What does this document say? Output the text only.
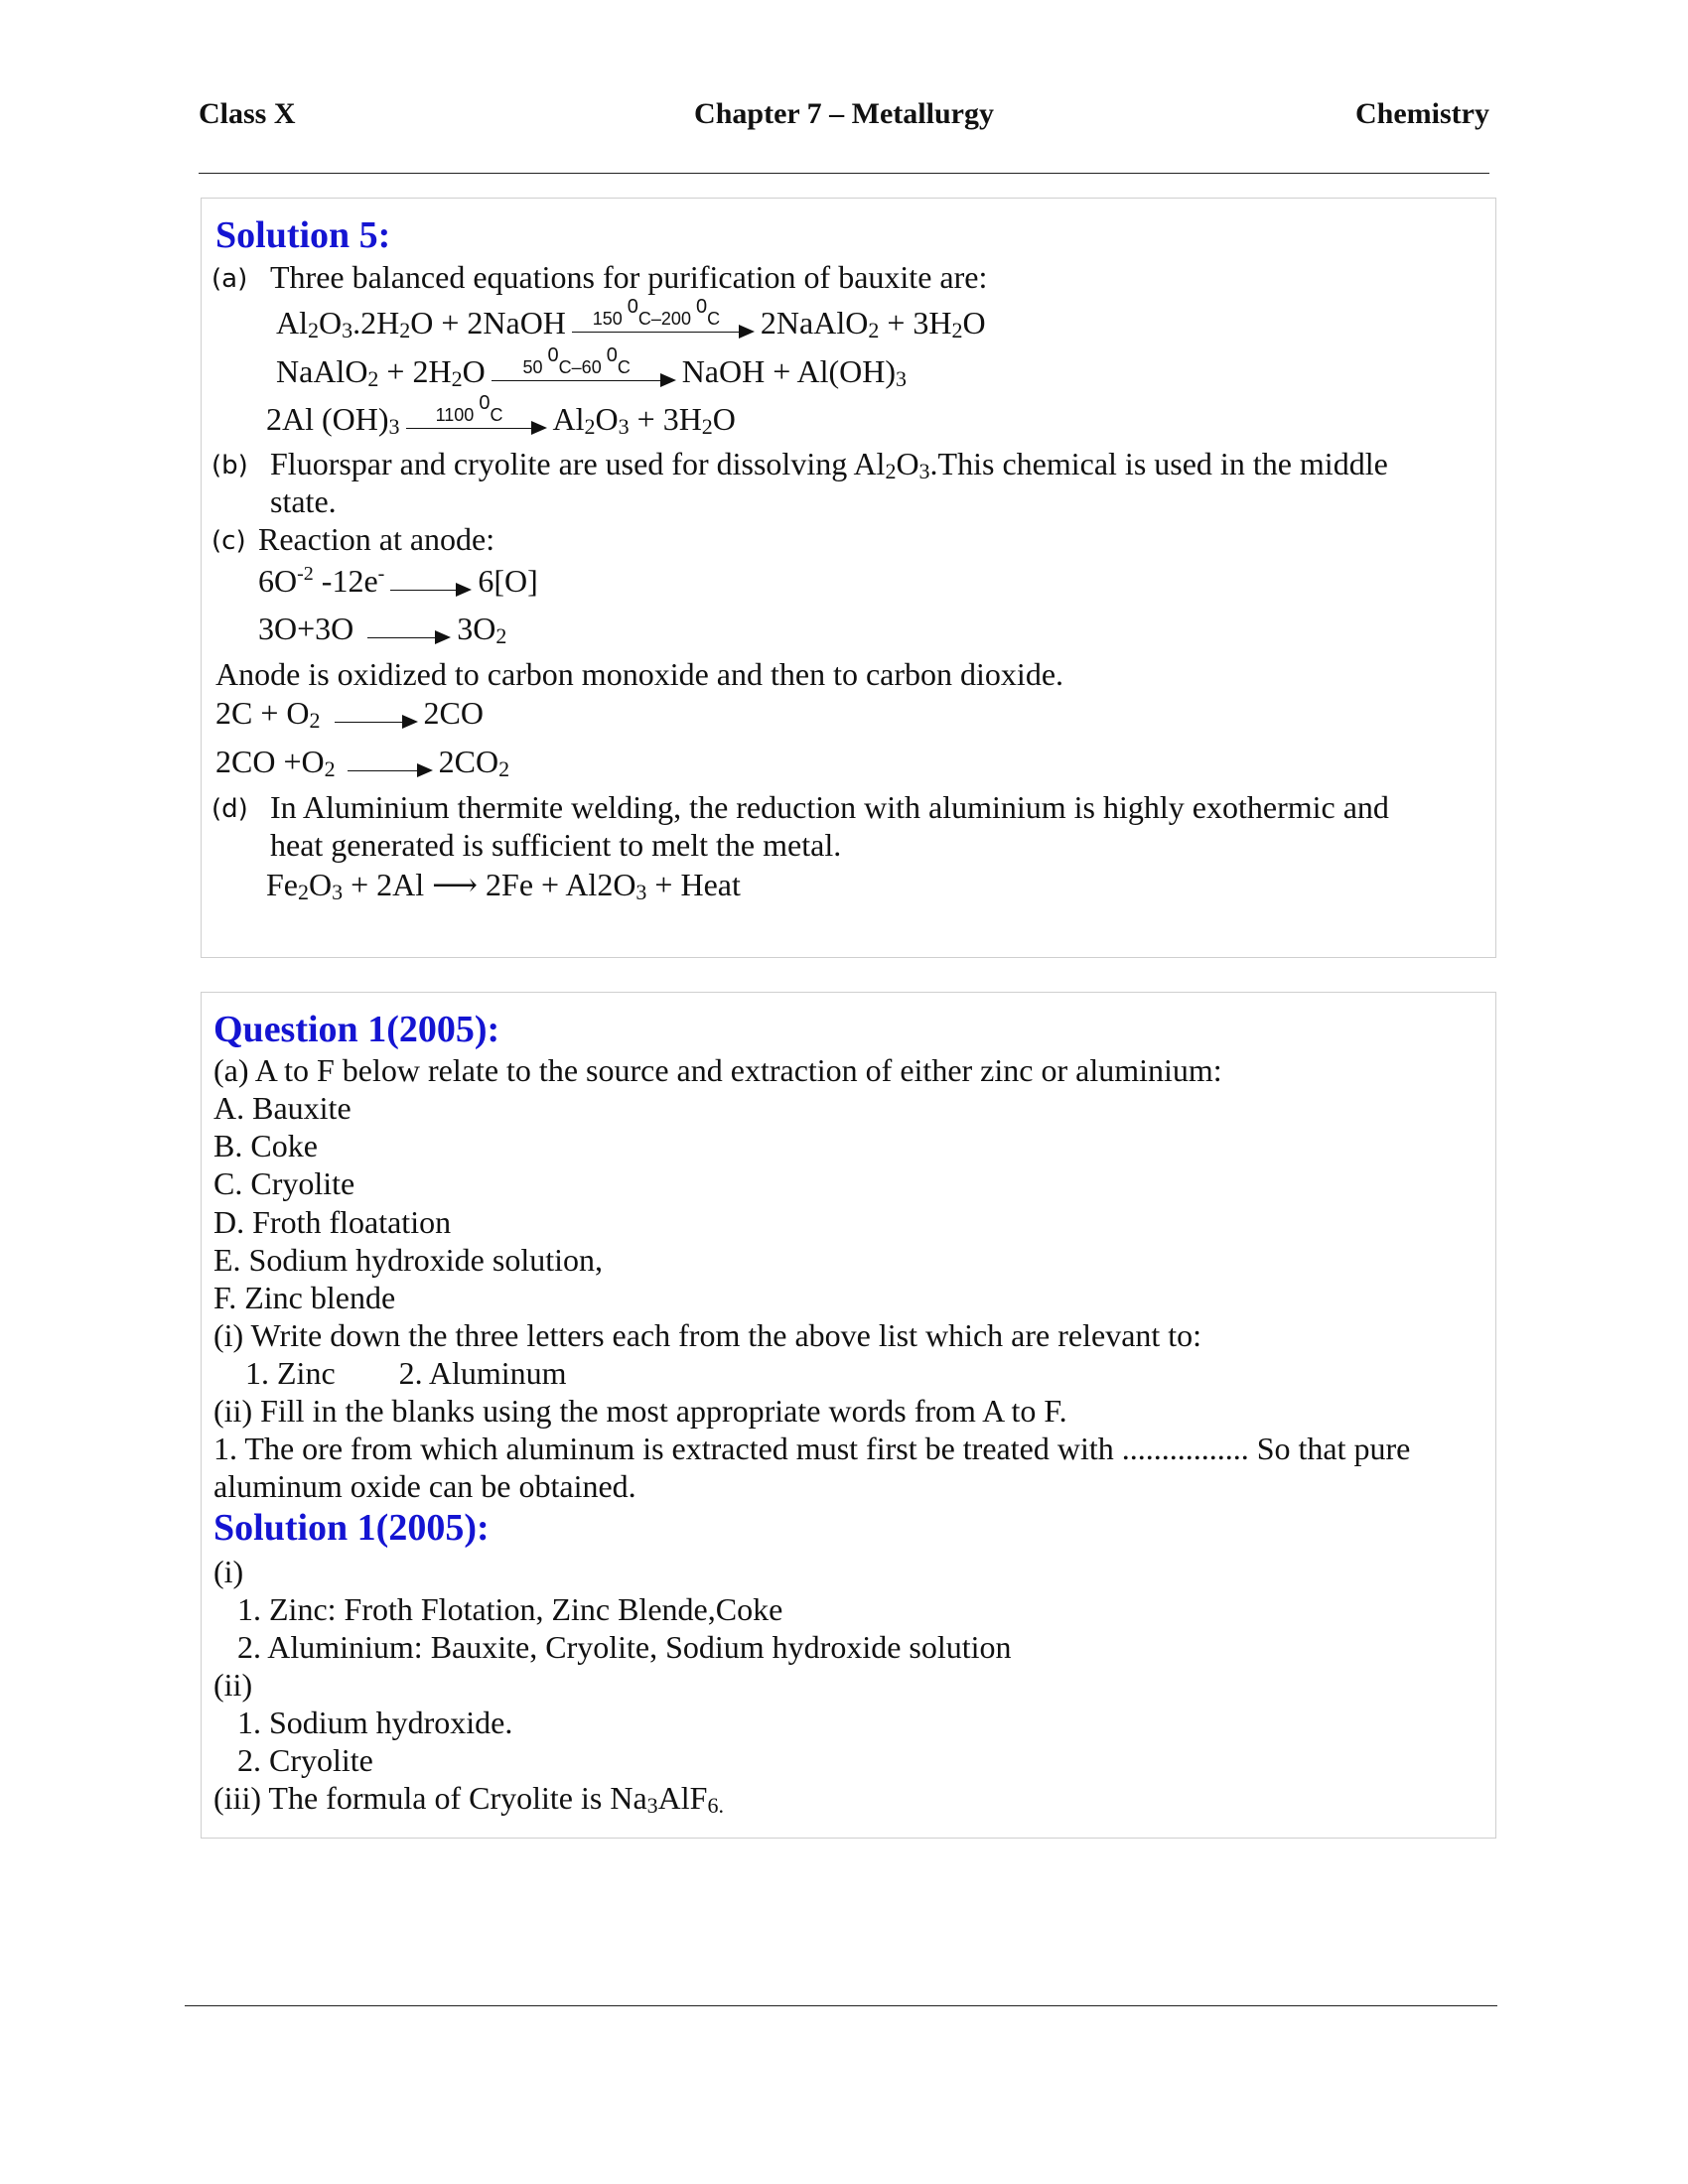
Class X	Chapter 7 – Metallurgy	Chemistry
Solution 5:
(a) Three balanced equations for purification of bauxite are:
$Al_2O_3.2H_2O$ + 2NaOH	150 $^0$C–200 $^0$C	2NaAlO$_2$ + $3H_2O$
NaAlO$_2$ + $2H_2O$	50 $^0$C–60 $^0$C	NaOH + $Al(OH)_3$
2Al $(OH)_3$	1100 $^0$C	$Al_2O_3 + 3H_2O$
(b) Fluorspar and cryolite are used for dissolving $Al_2O_3.This$ chemical is used in the middle
state.
(c) Reaction at anode:
$6O^{-2}$ -12e-	6[O]
3O+3O	$3O_2$
Anode is oxidized to carbon monoxide and then to carbon dioxide.
$2C + O_2$	2CO
$2CO +O_2$	$2CO_2$
(d) In Aluminium thermite welding, the reduction with aluminium is highly exothermic and
heat generated is sufficient to melt the metal.
$Fe_2O_3 + 2Al$ ⟶ $2Fe + Al2O_3$ + Heat
Question 1(2005):
(a) A to F below relate to the source and extraction of either zinc or aluminium:
A. Bauxite
B. Coke
C. Cryolite
D. Froth floatation
E. Sodium hydroxide solution,
F. Zinc blende
(i) Write down the three letters each from the above list which are relevant to:
1. Zinc        2. Aluminum
(ii) Fill in the blanks using the most appropriate words from A to F.
1. The ore from which aluminum is extracted must first be treated with ................ So that pure
aluminum oxide can be obtained.
Solution 1(2005):
(i)
1. Zinc: Froth Flotation, Zinc Blende,Coke
2. Aluminium: Bauxite, Cryolite, Sodium hydroxide solution
(ii)
1. Sodium hydroxide.
2. Cryolite
(iii) The formula of Cryolite is $Na_3AlF_{6.}$
